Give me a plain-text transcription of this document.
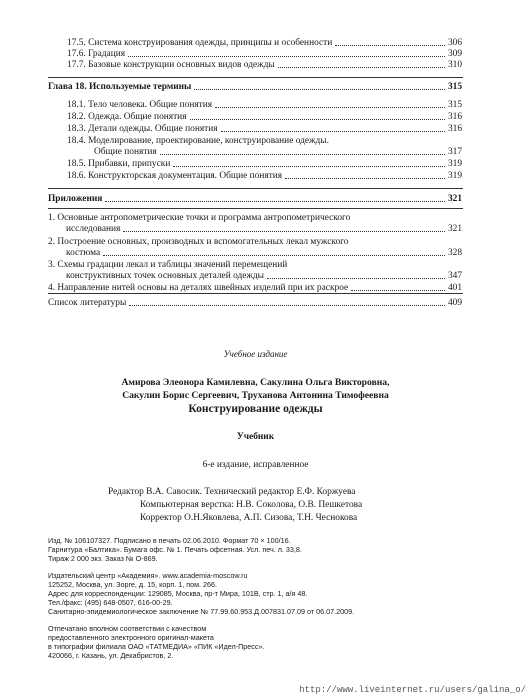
17.5. Система конструирования одежды, принципы и особенности	306
17.6. Градация	309
17.7. Базовые конструкции основных видов одежды	310
Глава 18. Используемые термины	315
18.1. Тело человека. Общие понятия	315
18.2. Одежда. Общие понятия	316
18.3. Детали одежды. Общие понятия	316
18.4. Моделирование, проектирование, конструирование одежды.
Общие понятия	317
18.5. Прибавки, припуски	319
18.6. Конструкторская документация. Общие понятия	319
Приложения	321
1. Основные антропометрические точки и программа антропометрического
исследования	321
2. Построение основных, производных и вспомогательных лекал мужского
костюма	328
3. Схемы градации лекал и таблицы значений перемещений
конструктивных точек основных деталей одежды	347
4. Направление нитей основы на деталях швейных изделий при их раскрое	401
Список литературы	409
Учебное издание
Амирова Элеонора Камилевна, Сакулина Ольга Викторовна,
Сакулин Борис Сергеевич, Труханова Антонина Тимофеевна
Конструирование одежды
Учебник
6-е издание, исправленное
Редактор В.А. Савосик. Технический редактор Е.Ф. Коржуева
Компьютерная верстка: Н.В. Соколова, О.В. Пешкетова
Корректор О.Н.Яковлева, А.П. Сизова, Т.Н. Чеснокова
Изд. № 106107327. Подписано в печать 02.06.2010. Формат 70 × 100/16.
Гарнитура «Балтика». Бумага офс. № 1. Печать офсетная. Усл. печ. л. 33,8.
Тираж 2 000 экз. Заказ № О-869.
Издательский центр «Академия». www.academia-moscow.ru
125252, Москва, ул. Зорге, д. 15, корп. 1, пом. 266.
Адрес для корреспонденции: 129085, Москва, пр-т Мира, 101В, стр. 1, а/я 48.
Тел./факс: (495) 648-0507, 616-00-29.
Санитарно-эпидемиологическое заключение № 77.99.60.953.Д.007831.07.09 от 06.07.2009.
Отпечатано вполном соответствии с качеством
предоставленного электронного оригинал-макета
в типографии филиала ОАО «ТАТМЕДИА» «ПИК «Идел-Пресс».
420066, г. Казань, ул. Декабристов, 2.
http://www.liveinternet.ru/users/galina_o/
